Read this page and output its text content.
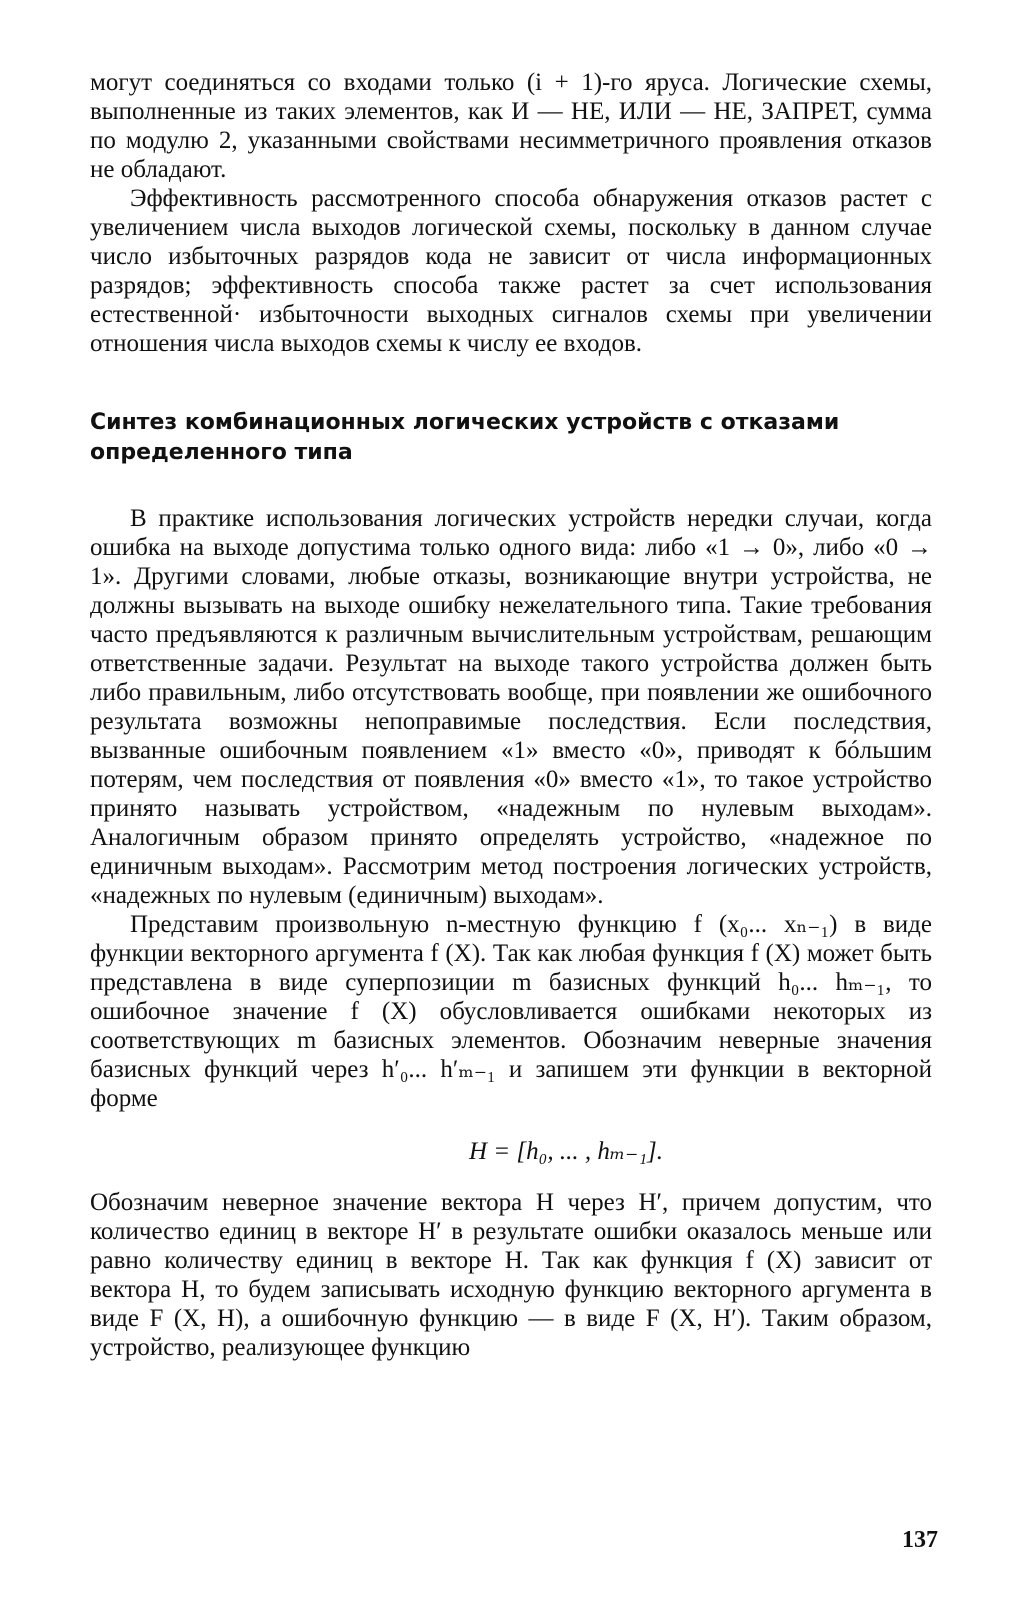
могут соединяться со входами только (i + 1)-го яруса. Логические схемы, выполненные из таких элементов, как И — НЕ, ИЛИ — НЕ, ЗАПРЕТ, сумма по модулю 2, указанными свойствами несимметричного проявления отказов не обладают.

Эффективность рассмотренного способа обнаружения отказов растет с увеличением числа выходов логической схемы, поскольку в данном случае число избыточных разрядов кода не зависит от числа информационных разрядов; эффективность способа также растет за счет использования естественной· избыточности выходных сигналов схемы при увеличении отношения числа выходов схемы к числу ее входов.

Синтез комбинационных логических устройств с отказами определенного типа

В практике использования логических устройств нередки случаи, когда ошибка на выходе допустима только одного вида: либо «1 → 0», либо «0 → 1». Другими словами, любые отказы, возникающие внутри устройства, не должны вызывать на выходе ошибку нежелательного типа. Такие требования часто предъявляются к различным вычислительным устройствам, решающим ответственные задачи. Результат на выходе такого устройства должен быть либо правильным, либо отсутствовать вообще, при появлении же ошибочного результата возможны непоправимые последствия. Если последствия, вызванные ошибочным появлением «1» вместо «0», приводят к бóльшим потерям, чем последствия от появления «0» вместо «1», то такое устройство принято называть устройством, «надежным по нулевым выходам». Аналогичным образом принято определять устройство, «надежное по единичным выходам». Рассмотрим метод построения логических устройств, «надежных по нулевым (единичным) выходам».

Представим произвольную n-местную функцию f (x₀... xₙ₋₁) в виде функции векторного аргумента f (X). Так как любая функция f (X) может быть представлена в виде суперпозиции m базисных функций h₀... hₘ₋₁, то ошибочное значение f (X) обусловливается ошибками некоторых из соответствующих m базисных элементов. Обозначим неверные значения базисных функций через h′₀... h′ₘ₋₁ и запишем эти функции в векторной форме

H = [h₀, ... , hₘ₋₁].

Обозначим неверное значение вектора H через H′, причем допустим, что количество единиц в векторе H′ в результате ошибки оказалось меньше или равно количеству единиц в векторе H. Так как функция f (X) зависит от вектора H, то будем записывать исходную функцию векторного аргумента в виде F (X, H), а ошибочную функцию — в виде F (X, H′). Таким образом, устройство, реализующее функцию

137
